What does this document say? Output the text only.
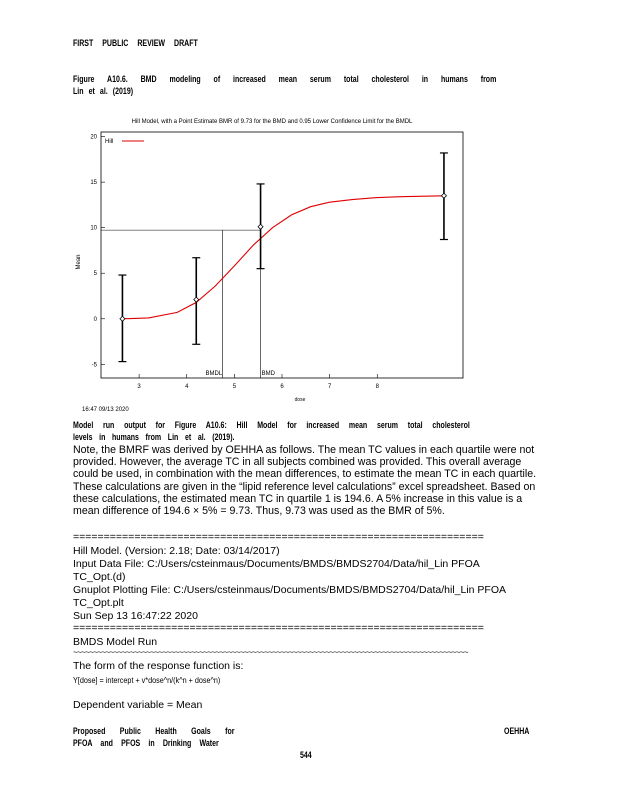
FIRST PUBLIC REVIEW DRAFT
Figure A10.6. BMD modeling of increased mean serum total cholesterol in humans from
Lin et al. (2019)
Hill Model, with a Point Estimate BMR of 9.73 for the BMD and 0.95 Lower Confidence Limit for the BMDL
3	4	5	6	7	8
-5
0
5
10
15
20
Hill
BMDL	BMD
dose
Mean
16:47 09/13 2020
Model run output for Figure A10.6: Hill Model for increased mean serum total cholesterol
levels in humans from Lin et al. (2019).
Note, the BMRF was derived by OEHHA as follows. The mean TC values in each quartile were not provided. However, the average TC in all subjects combined was provided. This overall average could be used, in combination with the mean differences, to estimate the mean TC in each quartile. These calculations are given in the “lipid reference level calculations” excel spreadsheet. Based on these calculations, the estimated mean TC in quartile 1 is 194.6. A 5% increase in this value is a mean difference of 194.6 × 5% = 9.73. Thus, 9.73 was used as the BMR of 5%.
===================================================================
Hill Model. (Version: 2.18; Date: 03/14/2017)
Input Data File: C:/Users/csteinmaus/Documents/BMDS/BMDS2704/Data/hil_Lin PFOA
TC_Opt.(d)
Gnuplot Plotting File: C:/Users/csteinmaus/Documents/BMDS/BMDS2704/Data/hil_Lin PFOA
TC_Opt.plt
Sun Sep 13 16:47:22 2020
===================================================================
BMDS Model Run
~~~~~~~~~~~~~~~~~~~~~~~~~~~~~~~~~~~~~~~~~~~~~~~~~~~~~~~~~~~~~~~~~~~~~~~~~~~~~~~~~~~~~~~~~~~~~~~~~
The form of the response function is:
Y[dose] = intercept + v*dose^n/(k^n + dose^n)
Dependent variable = Mean
Proposed Public Health Goals for
PFOA and PFOS in Drinking Water
OEHHA
544
